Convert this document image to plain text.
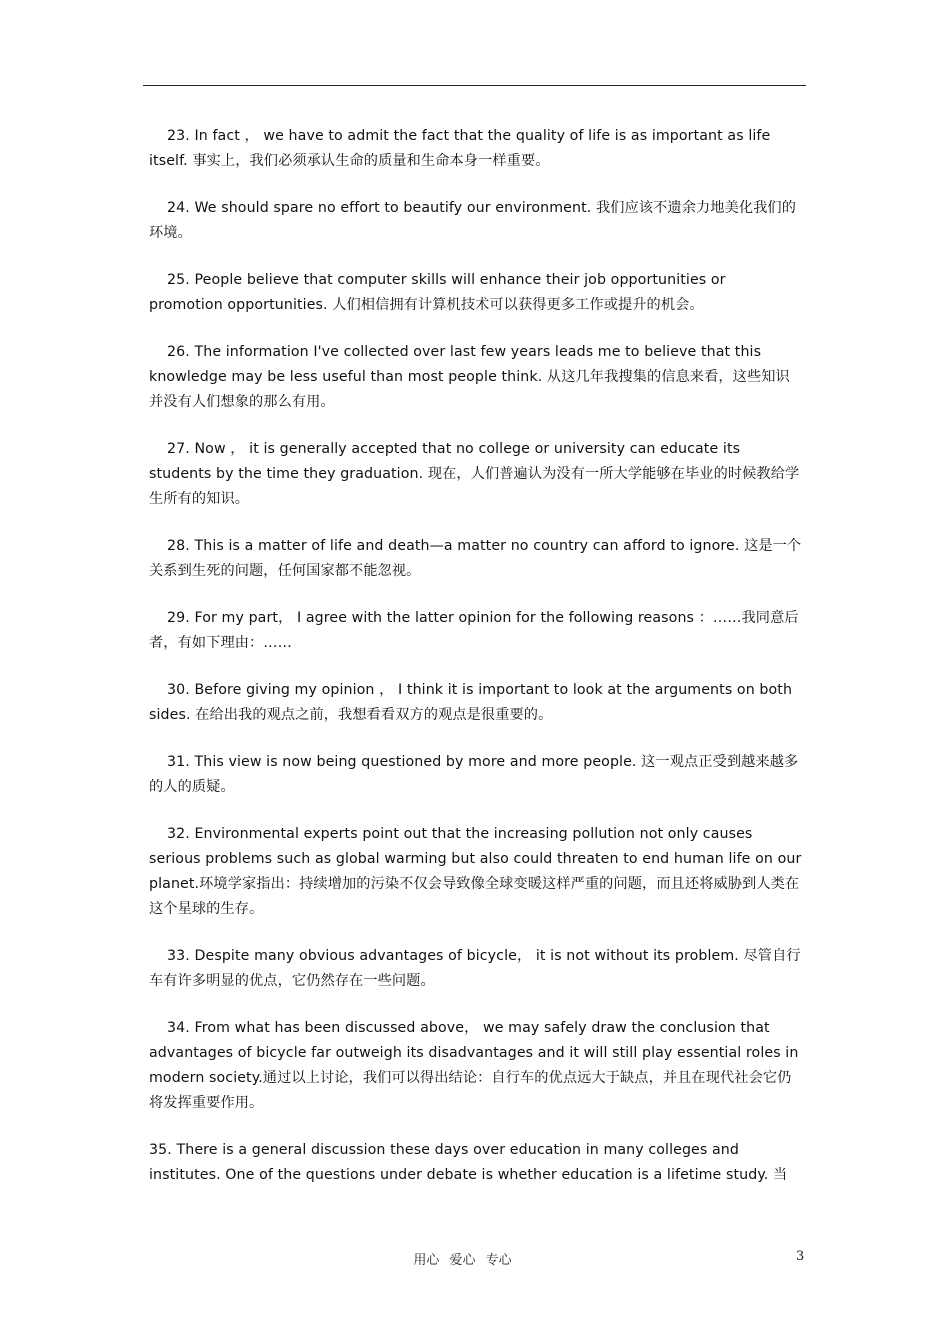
23. In fact ， we have to admit the fact that the quality of life is as important as life itself. 事实上，我们必须承认生命的质量和生命本身一样重要。

24. We should spare no effort to beautify our environment. 我们应该不遗余力地美化我们的环境。

25. People believe that computer skills will enhance their job opportunities or promotion opportunities. 人们相信拥有计算机技术可以获得更多工作或提升的机会。

26. The information I've collected over last few years leads me to believe that this knowledge may be less useful than most people think. 从这几年我搜集的信息来看，这些知识并没有人们想象的那么有用。

27. Now ， it is generally accepted that no college or university can educate its students by the time they graduation. 现在，人们普遍认为没有一所大学能够在毕业的时候教给学生所有的知识。

28. This is a matter of life and death—a matter no country can afford to ignore. 这是一个关系到生死的问题，任何国家都不能忽视。

29. For my part， I agree with the latter opinion for the following reasons ：……我同意后者，有如下理由：……

30. Before giving my opinion ， I think it is important to look at the arguments on both sides. 在给出我的观点之前，我想看看双方的观点是很重要的。

31. This view is now being questioned by more and more people. 这一观点正受到越来越多的人的质疑。

32. Environmental experts point out that the increasing pollution not only causes serious problems such as global warming but also could threaten to end human life on our planet.环境学家指出：持续增加的污染不仅会导致像全球变暖这样严重的问题，而且还将威胁到人类在这个星球的生存。

33. Despite many obvious advantages of bicycle， it is not without its problem. 尽管自行车有许多明显的优点，它仍然存在一些问题。

34. From what has been discussed above， we may safely draw the conclusion that advantages of bicycle far outweigh its disadvantages and it will still play essential roles in modern society.通过以上讨论，我们可以得出结论：自行车的优点远大于缺点，并且在现代社会它仍将发挥重要作用。

35. There is a general discussion these days over education in many colleges and institutes. One of the questions under debate is whether education is a lifetime study. 当

用心 爱心 专心	3
